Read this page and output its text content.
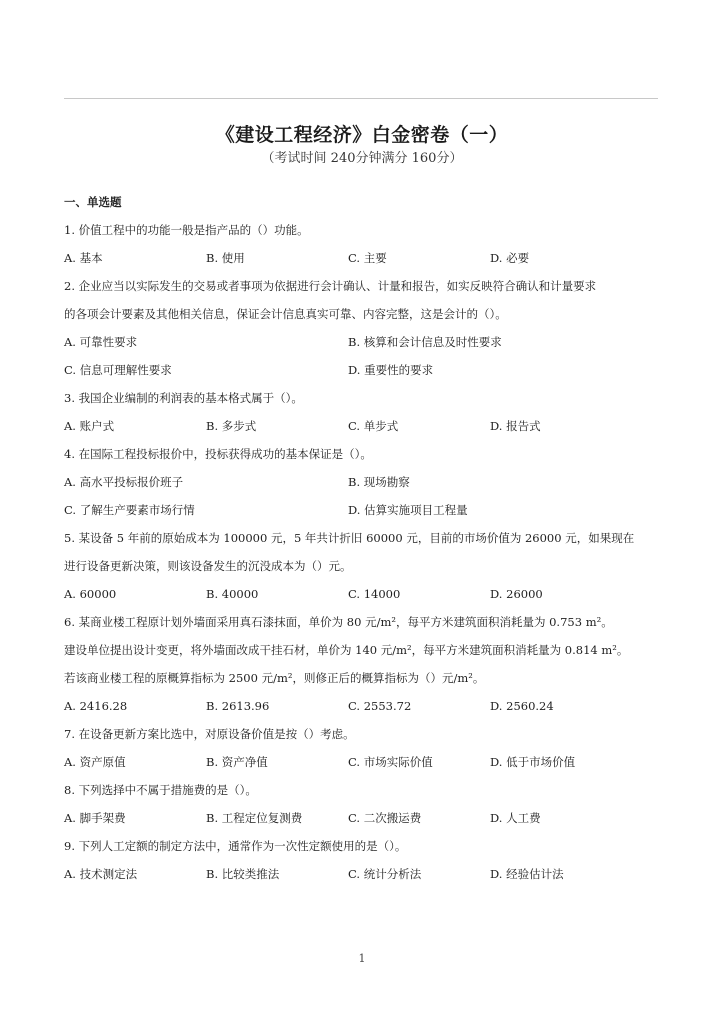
《建设工程经济》白金密卷（一）
（考试时间 240分钟满分 160分）
一、单选题
1. 价值工程中的功能一般是指产品的（）功能。
A. 基本	B. 使用	C. 主要	D. 必要
2. 企业应当以实际发生的交易或者事项为依据进行会计确认、计量和报告，如实反映符合确认和计量要求
的各项会计要素及其他相关信息，保证会计信息真实可靠、内容完整，这是会计的（）。
A. 可靠性要求	B. 核算和会计信息及时性要求
C. 信息可理解性要求	D. 重要性的要求
3. 我国企业编制的利润表的基本格式属于（）。
A. 账户式	B. 多步式	C. 单步式	D. 报告式
4. 在国际工程投标报价中，投标获得成功的基本保证是（）。
A. 高水平投标报价班子	B. 现场勘察
C. 了解生产要素市场行情	D. 估算实施项目工程量
5. 某设备 5 年前的原始成本为 100000 元，5 年共计折旧 60000 元，目前的市场价值为 26000 元，如果现在
进行设备更新决策，则该设备发生的沉没成本为（）元。
A. 60000	B. 40000	C. 14000	D. 26000
6. 某商业楼工程原计划外墙面采用真石漆抹面，单价为 80 元/m²，每平方米建筑面积消耗量为 0.753 m²。
建设单位提出设计变更，将外墙面改成干挂石材，单价为 140 元/m²，每平方米建筑面积消耗量为 0.814 m²。
若该商业楼工程的原概算指标为 2500 元/m²，则修正后的概算指标为（）元/m²。
A. 2416.28	B. 2613.96	C. 2553.72	D. 2560.24
7. 在设备更新方案比选中，对原设备价值是按（）考虑。
A. 资产原值	B. 资产净值	C. 市场实际价值	D. 低于市场价值
8. 下列选择中不属于措施费的是（）。
A. 脚手架费	B. 工程定位复测费	C. 二次搬运费	D. 人工费
9. 下列人工定额的制定方法中，通常作为一次性定额使用的是（）。
A. 技术测定法	B. 比较类推法	C. 统计分析法	D. 经验估计法
1
